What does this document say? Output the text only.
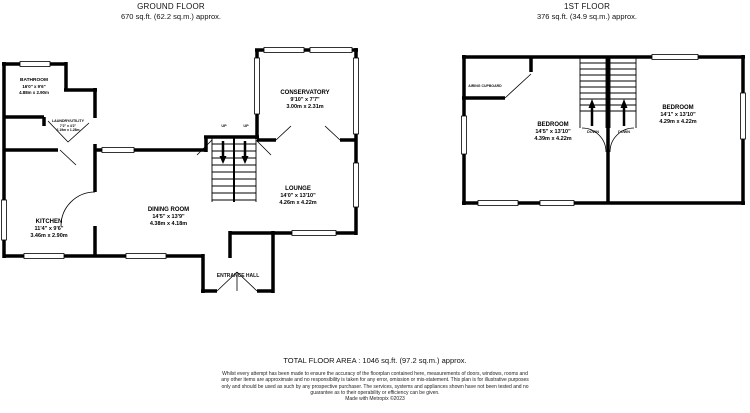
GROUND FLOOR
670 sq.ft. (62.2 sq.m.) approx.
1ST FLOOR
376 sq.ft. (34.9 sq.m.) approx.
BATHROOM
16'0" x 9'6"
4.88m x 2.90m
LAUNDRY/UTILITY
7'2" x 4'2"
2.19m x 1.28m
KITCHEN
11'4" x 9'6"
3.46m x 2.90m
DINING ROOM
14'5" x 13'9"
4.38m x 4.18m
LOUNGE
14'0" x 13'10"
4.26m x 4.22m
CONSERVATORY
9'10" x 7'7"
3.00m x 2.31m
ENTRANCE HALL
UP	UP	BEDROOM
14'5" x 13'10"
4.39m x 4.22m
BEDROOM
14'1" x 13'10"
4.29m x 4.22m
AIRING CUPBOARD
DOWN	DOWN
TOTAL FLOOR AREA : 1046 sq.ft. (97.2 sq.m.) approx.
Whilst every attempt has been made to ensure the accuracy of the floorplan contained here, measurements of doors, windows, rooms and any other items are approximate and no responsibility is taken for any error, omission or mis-statement. This plan is for illustrative purposes only and should be used as such by any prospective purchaser. The services, systems and appliances shown have not been tested and no guarantee as to their operability or efficiency can be given.
Made with Metropix ©2023
